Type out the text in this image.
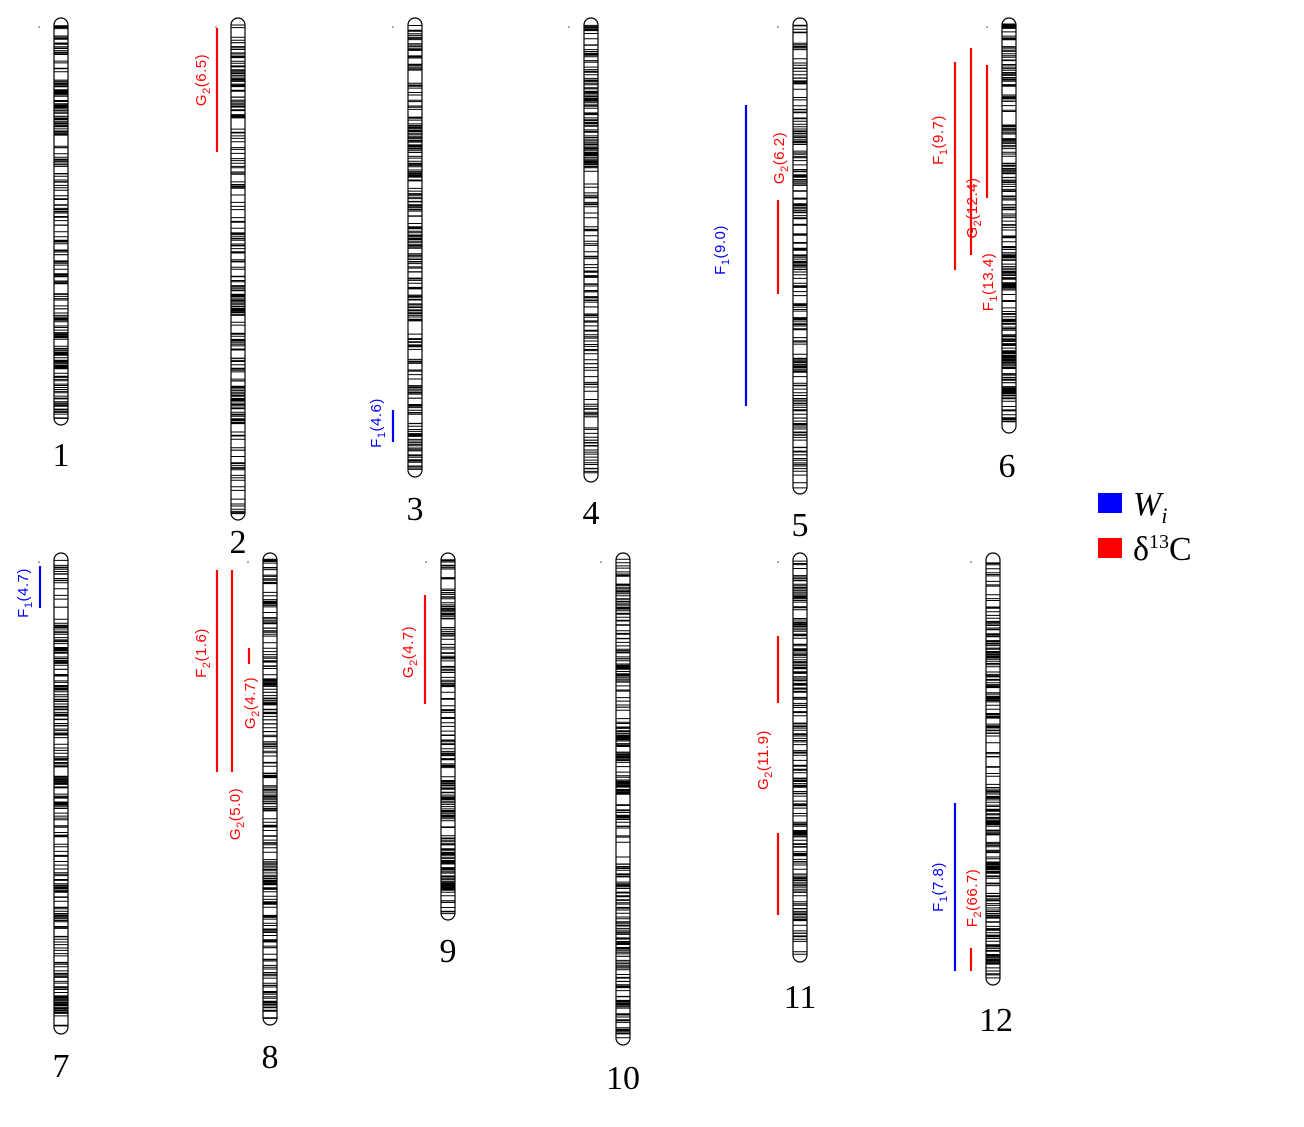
1
2
3	4	5
6
7	8
9
10
11
12
$G_2(6.5)$
$F_1(4.6)$
$F_1(9.0)$
$G_2(6.2)$	$F_1(9.7)$
$G_2(12.4)$
$F_1(13.4)$
$F_1(4.7)$
$F_2(1.6)$
$G_2(5.0)$
$G_2(4.7)$
$G_2(4.7)$
$G_2(11.9)$
$F_1(7.8)$
$F_2(66.7)$
$W_i$
$\delta^{13}C$
